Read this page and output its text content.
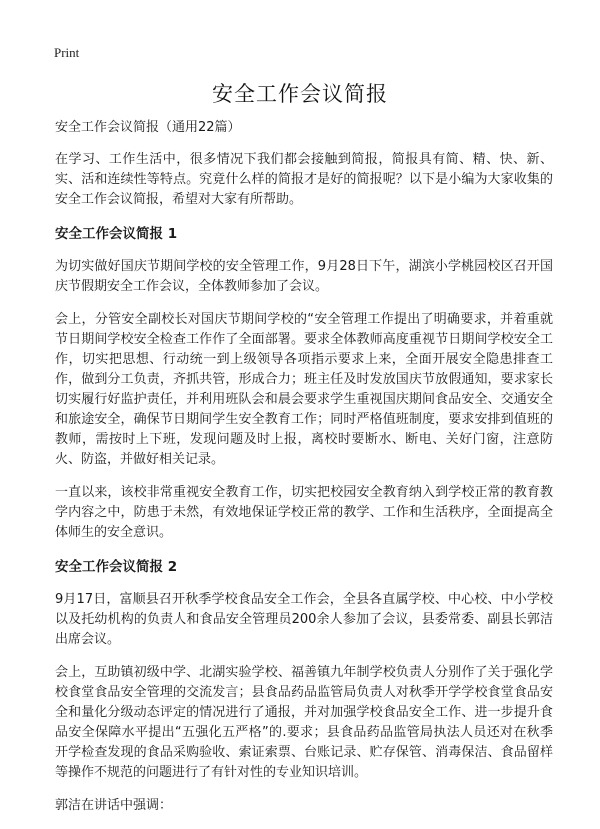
Print
安全工作会议简报

安全工作会议简报（通用22篇）

在学习、工作生活中，很多情况下我们都会接触到简报，简报具有简、精、快、新、实、活和连续性等特点。究竟什么样的简报才是好的简报呢？以下是小编为大家收集的安全工作会议简报，希望对大家有所帮助。

安全工作会议简报 1

为切实做好国庆节期间学校的安全管理工作，9月28日下午，湖滨小学桃园校区召开国庆节假期安全工作会议，全体教师参加了会议。

会上，分管安全副校长对国庆节期间学校的“安全管理工作提出了明确要求，并着重就节日期间学校安全检查工作作了全面部署。要求全体教师高度重视节日期间学校安全工作，切实把思想、行动统一到上级领导各项指示要求上来，全面开展安全隐患排查工作，做到分工负责，齐抓共管，形成合力；班主任及时发放国庆节放假通知，要求家长切实履行好监护责任，并利用班队会和晨会要求学生重视国庆期间食品安全、交通安全和旅途安全，确保节日期间学生安全教育工作；同时严格值班制度，要求安排到值班的教师，需按时上下班，发现问题及时上报，离校时要断水、断电、关好门窗，注意防火、防盗，并做好相关记录。

一直以来，该校非常重视安全教育工作，切实把校园安全教育纳入到学校正常的教育教学内容之中，防患于未然，有效地保证学校正常的教学、工作和生活秩序，全面提高全体师生的安全意识。

安全工作会议简报 2

9月17日，富顺县召开秋季学校食品安全工作会，全县各直属学校、中心校、中小学校以及托幼机构的负责人和食品安全管理员200余人参加了会议，县委常委、副县长郭洁出席会议。

会上，互助镇初级中学、北湖实验学校、福善镇九年制学校负责人分别作了关于强化学校食堂食品安全管理的交流发言；县食品药品监管局负责人对秋季开学学校食堂食品安全和量化分级动态评定的情况进行了通报，并对加强学校食品安全工作、进一步提升食品安全保障水平提出“五强化五严格”的.要求；县食品药品监管局执法人员还对在秋季开学检查发现的食品采购验收、索证索票、台账记录、贮存保管、消毒保洁、食品留样等操作不规范的问题进行了有针对性的专业知识培训。

郭洁在讲话中强调：
